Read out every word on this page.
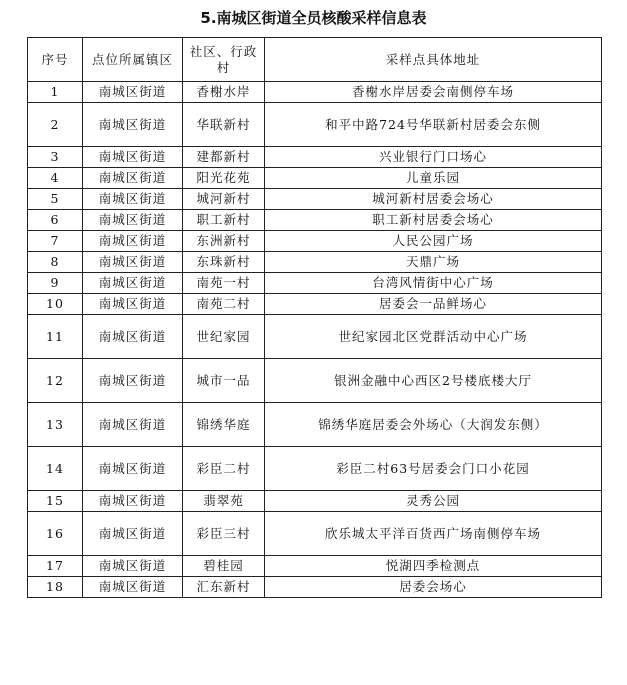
5.南城区街道全员核酸采样信息表
序号	点位所属镇区	社区、行政村	采样点具体地址
1	南城区街道	香榭水岸	香榭水岸居委会南侧停车场
2	南城区街道	华联新村	和平中路724号华联新村居委会东侧
3	南城区街道	建都新村	兴业银行门口场心
4	南城区街道	阳光花苑	儿童乐园
5	南城区街道	城河新村	城河新村居委会场心
6	南城区街道	职工新村	职工新村居委会场心
7	南城区街道	东洲新村	人民公园广场
8	南城区街道	东珠新村	天鼎广场
9	南城区街道	南苑一村	台湾风情街中心广场
10	南城区街道	南苑二村	居委会一品鲜场心
11	南城区街道	世纪家园	世纪家园北区党群活动中心广场
12	南城区街道	城市一品	银洲金融中心西区2号楼底楼大厅
13	南城区街道	锦绣华庭	锦绣华庭居委会外场心（大润发东侧）
14	南城区街道	彩臣二村	彩臣二村63号居委会门口小花园
15	南城区街道	翡翠苑	灵秀公园
16	南城区街道	彩臣三村	欣乐城太平洋百货西广场南侧停车场
17	南城区街道	碧桂园	悦湖四季检测点
18	南城区街道	汇东新村	居委会场心
